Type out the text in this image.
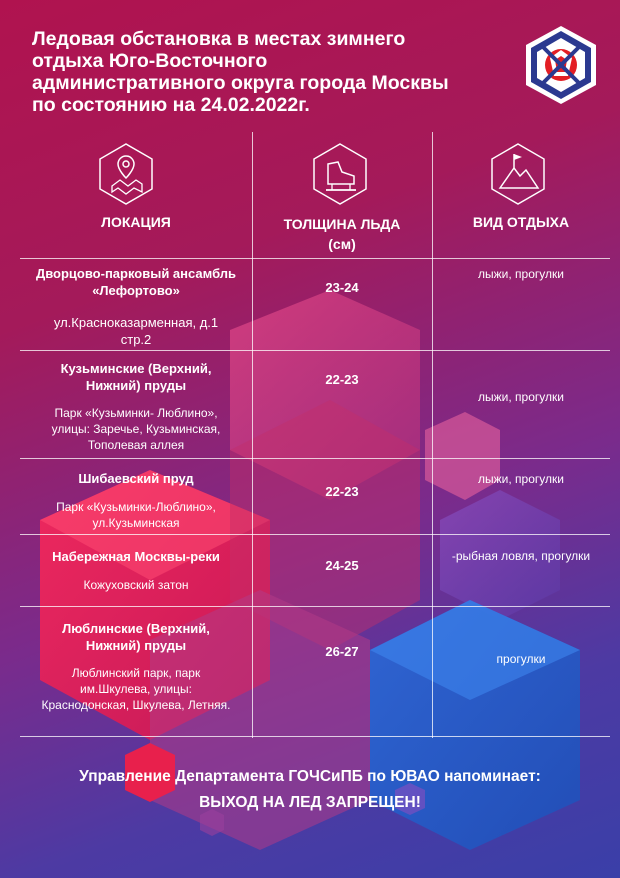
Ледовая обстановка в местах зимнего
отдыха Юго-Восточного
административного округа города Москвы
по состоянию на 24.02.2022г.
ЛОКАЦИЯ	ТОЛЩИНА ЛЬДА
(см)
ВИД ОТДЫХА
Дворцово-парковый ансамбль
«Лефортово»
ул.Красноказарменная, д.1
стр.2
23-24
лыжи, прогулки
Кузьминские (Верхний,
Нижний) пруды
Парк «Кузьминки- Люблино»,
улицы: Заречье, Кузьминская,
Тополевая аллея
22-23
лыжи, прогулки
Шибаевский пруд
Парк «Кузьминки-Люблино»,
ул.Кузьминская
22-23
лыжи, прогулки
Набережная Москвы-реки
Кожуховский затон
24-25
-рыбная ловля, прогулки
Люблинские (Верхний,
Нижний) пруды
Люблинский парк, парк
им.Шкулева, улицы:
Краснодонская, Шкулева, Летняя.
26-27	прогулки
Управление Департамента ГОЧСиПБ по ЮВАО напоминает:
ВЫХОД НА ЛЕД ЗАПРЕЩЕН!
